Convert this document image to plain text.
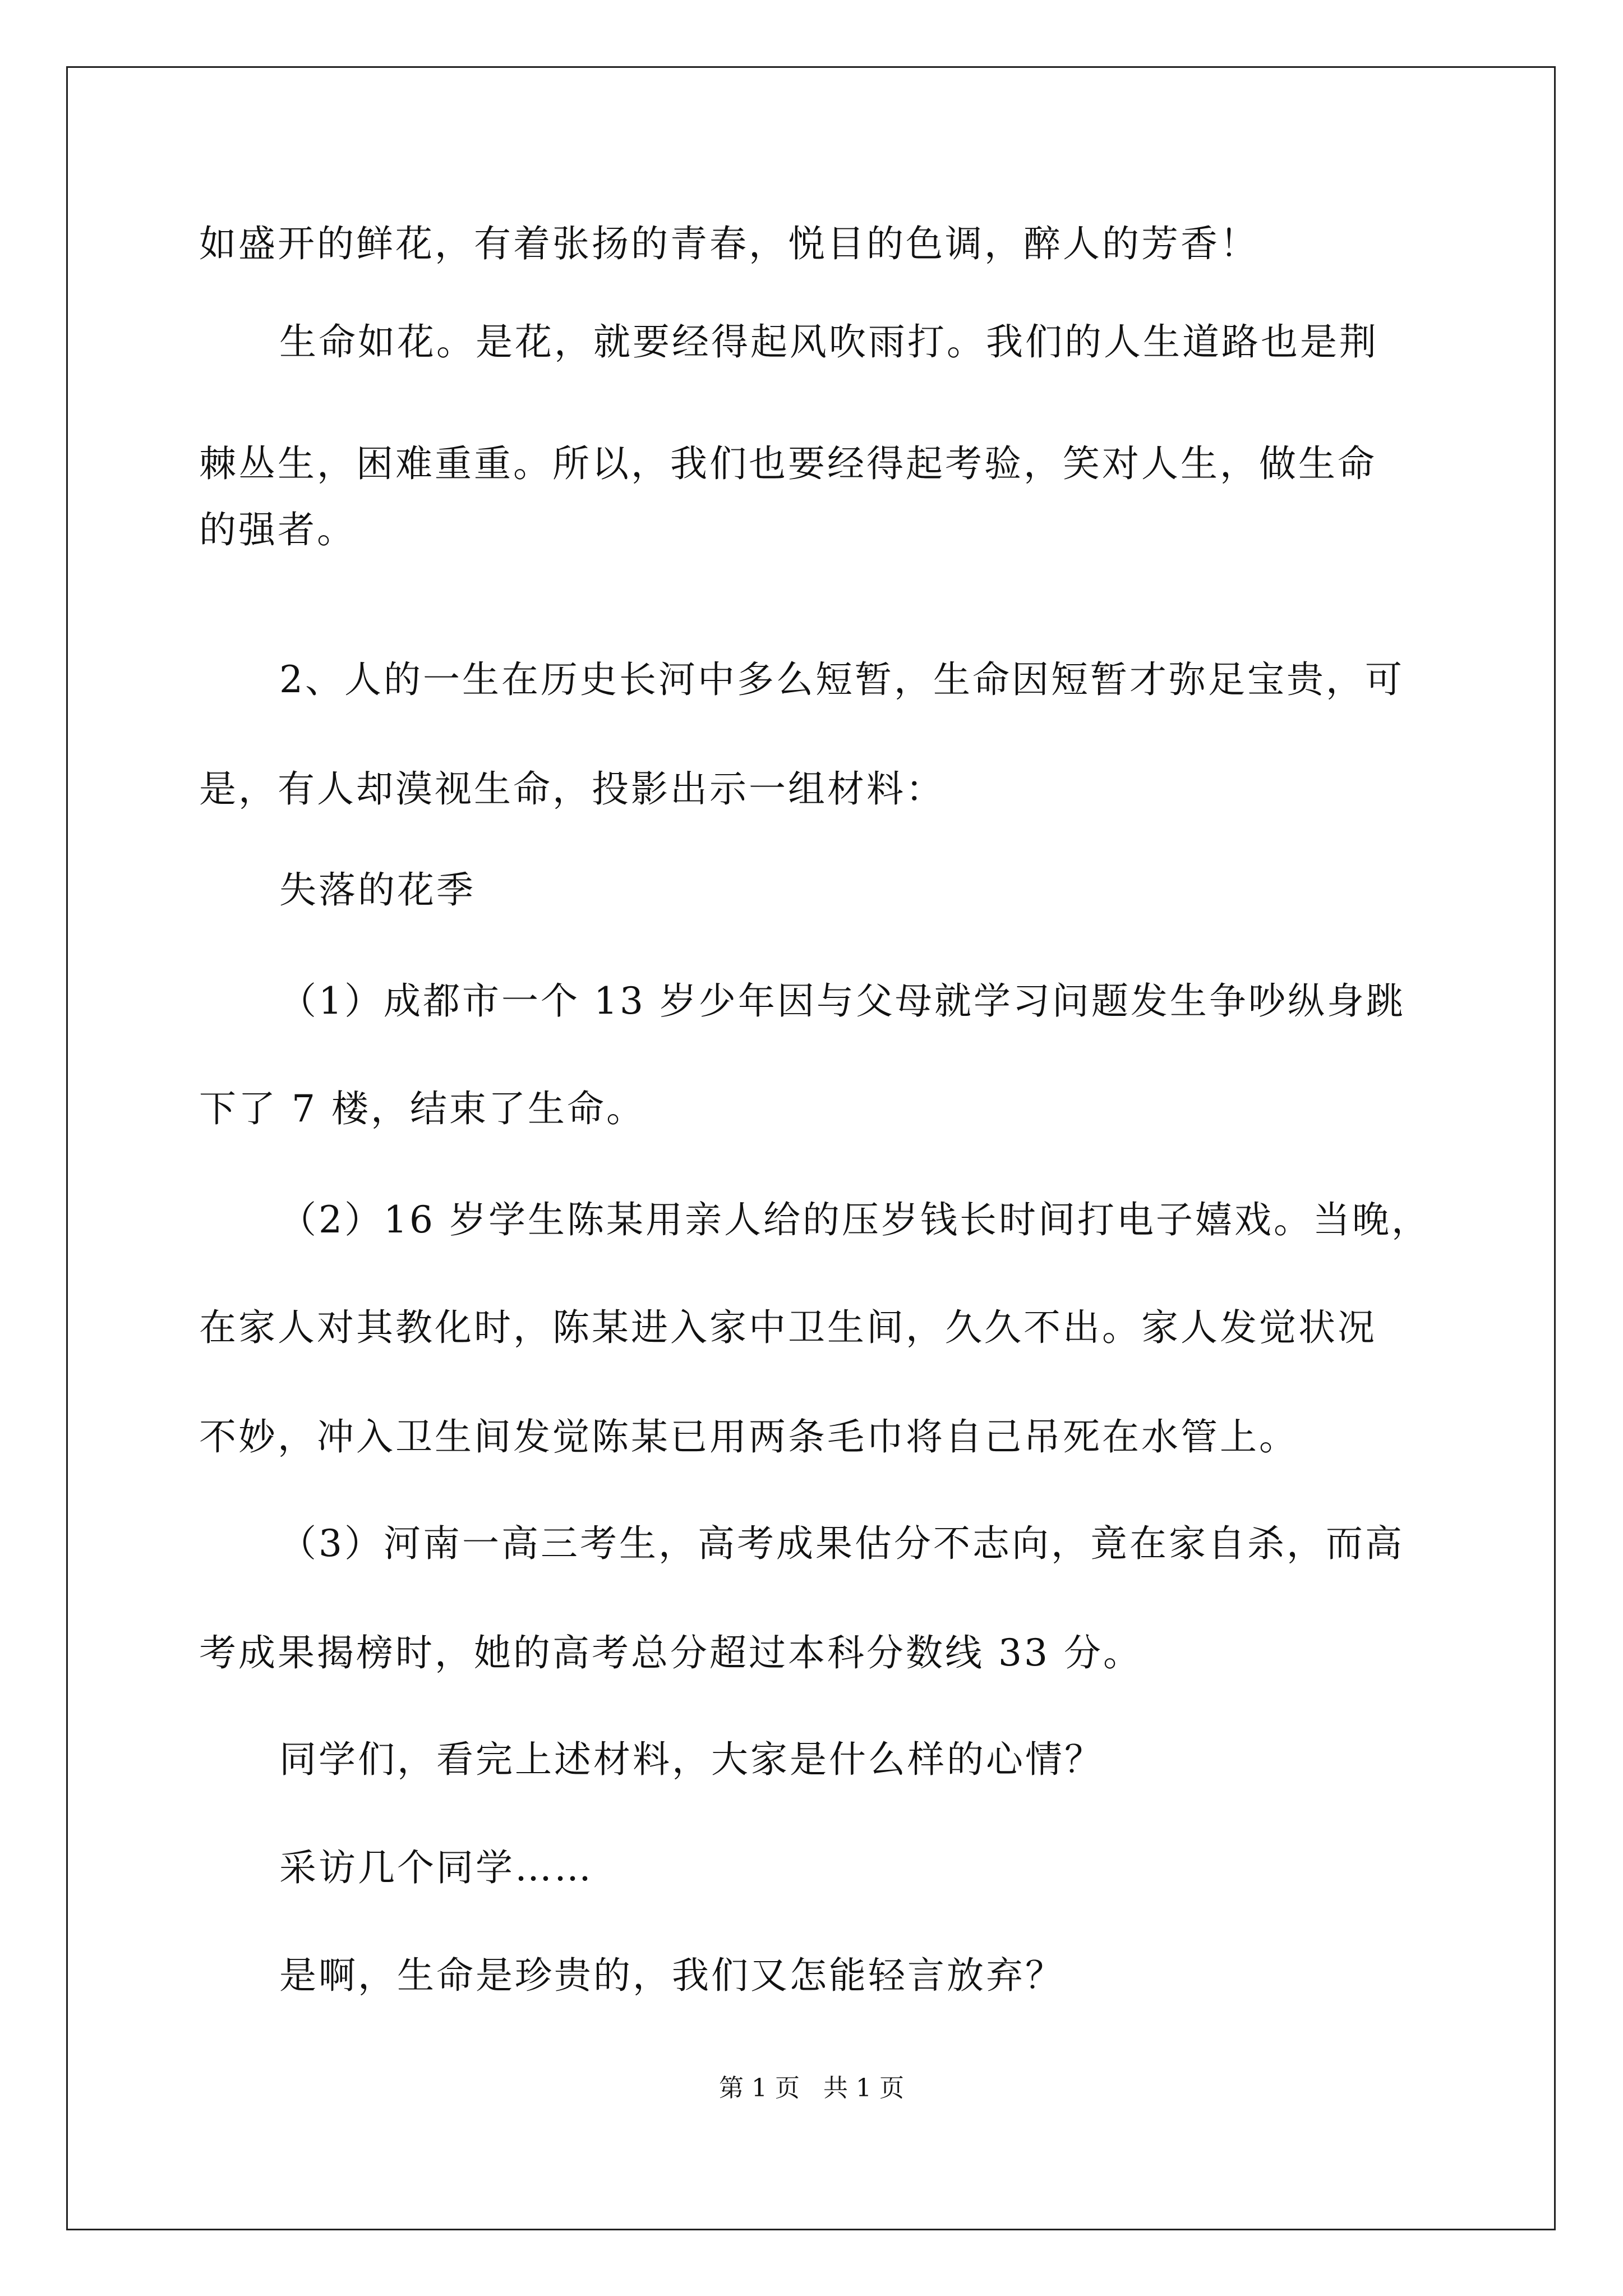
如盛开的鲜花，有着张扬的青春，悦目的色调，醉人的芳香！
生命如花。是花，就要经得起风吹雨打。我们的人生道路也是荆
棘丛生，困难重重。所以，我们也要经得起考验，笑对人生，做生命
的强者。
2、人的一生在历史长河中多么短暂，生命因短暂才弥足宝贵，可
是，有人却漠视生命，投影出示一组材料：
失落的花季
（1）成都市一个 13 岁少年因与父母就学习问题发生争吵纵身跳
下了 7 楼，结束了生命。
（2）16 岁学生陈某用亲人给的压岁钱长时间打电子嬉戏。当晚，
在家人对其教化时，陈某进入家中卫生间，久久不出。家人发觉状况
不妙，冲入卫生间发觉陈某已用两条毛巾将自己吊死在水管上。
（3）河南一高三考生，高考成果估分不志向，竟在家自杀，而高
考成果揭榜时，她的高考总分超过本科分数线 33 分。
同学们，看完上述材料，大家是什么样的心情？
采访几个同学……
是啊，生命是珍贵的，我们又怎能轻言放弃？
第 1 页   共 1 页
